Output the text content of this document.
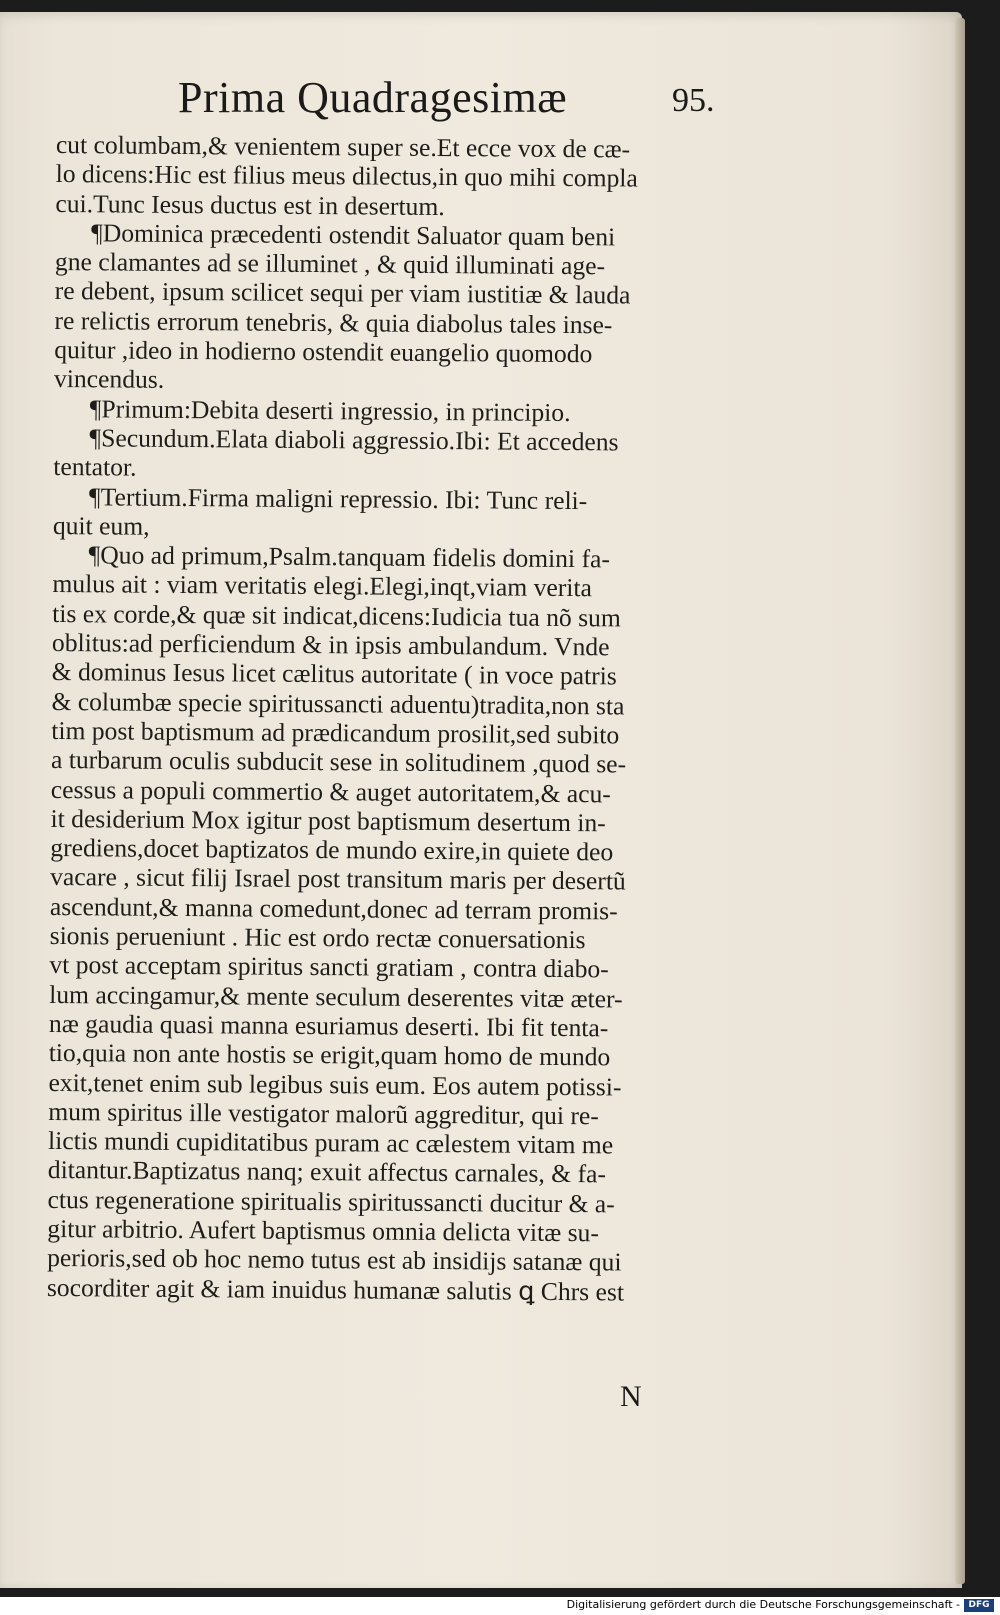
Prima Quadragesimæ	95.
cut columbam,& venientem super se.Et ecce vox de cæ-
lo dicens:Hic est filius meus dilectus,in quo mihi compla
cui.Tunc Iesus ductus est in desertum.
¶Dominica præcedenti ostendit Saluator quam beni
gne clamantes ad se illuminet , & quid illuminati age-
re debent, ipsum scilicet sequi per viam iustitiæ & lauda
re relictis errorum tenebris, & quia diabolus tales inse-
quitur ,ideo in hodierno ostendit euangelio quomodo
vincendus.
¶Primum:Debita deserti ingressio, in principio.
¶Secundum.Elata diaboli aggressio.Ibi: Et accedens
tentator.
¶Tertium.Firma maligni repressio. Ibi: Tunc reli-
quit eum,
¶Quo ad primum,Psalm.tanquam fidelis domini fa-
mulus ait : viam veritatis elegi.Elegi,inqt,viam verita
tis ex corde,& quæ sit indicat,dicens:Iudicia tua nõ sum
oblitus:ad perficiendum & in ipsis ambulandum. Vnde
& dominus Iesus licet cælitus autoritate ( in voce patris
& columbæ specie spiritussancti aduentu)tradita,non sta
tim post baptismum ad prædicandum prosilit,sed subito
a turbarum oculis subducit sese in solitudinem ,quod se-
cessus a populi commertio & auget autoritatem,& acu-
it desiderium Mox igitur post baptismum desertum in-
grediens,docet baptizatos de mundo exire,in quiete deo
vacare , sicut filij Israel post transitum maris per desertũ
ascendunt,& manna comedunt,donec ad terram promis-
sionis perueniunt . Hic est ordo rectæ conuersationis
vt post acceptam spiritus sancti gratiam , contra diabo-
lum accingamur,& mente seculum deserentes vitæ æter-
næ gaudia quasi manna esuriamus deserti. Ibi fit tenta-
tio,quia non ante hostis se erigit,quam homo de mundo
exit,tenet enim sub legibus suis eum. Eos autem potissi-
mum spiritus ille vestigator malorũ aggreditur, qui re-
lictis mundi cupiditatibus puram ac cælestem vitam me
ditantur.Baptizatus nanq; exuit affectus carnales, & fa-
ctus regeneratione spiritualis spiritussancti ducitur & a-
gitur arbitrio. Aufert baptismus omnia delicta vitæ su-
perioris,sed ob hoc nemo tutus est ab insidijs satanæ qui
socorditer agit & iam inuidus humanæ salutis ꝗ Chrs est
N
Digitalisierung gefördert durch die Deutsche Forschungsgemeinschaft - DFG
